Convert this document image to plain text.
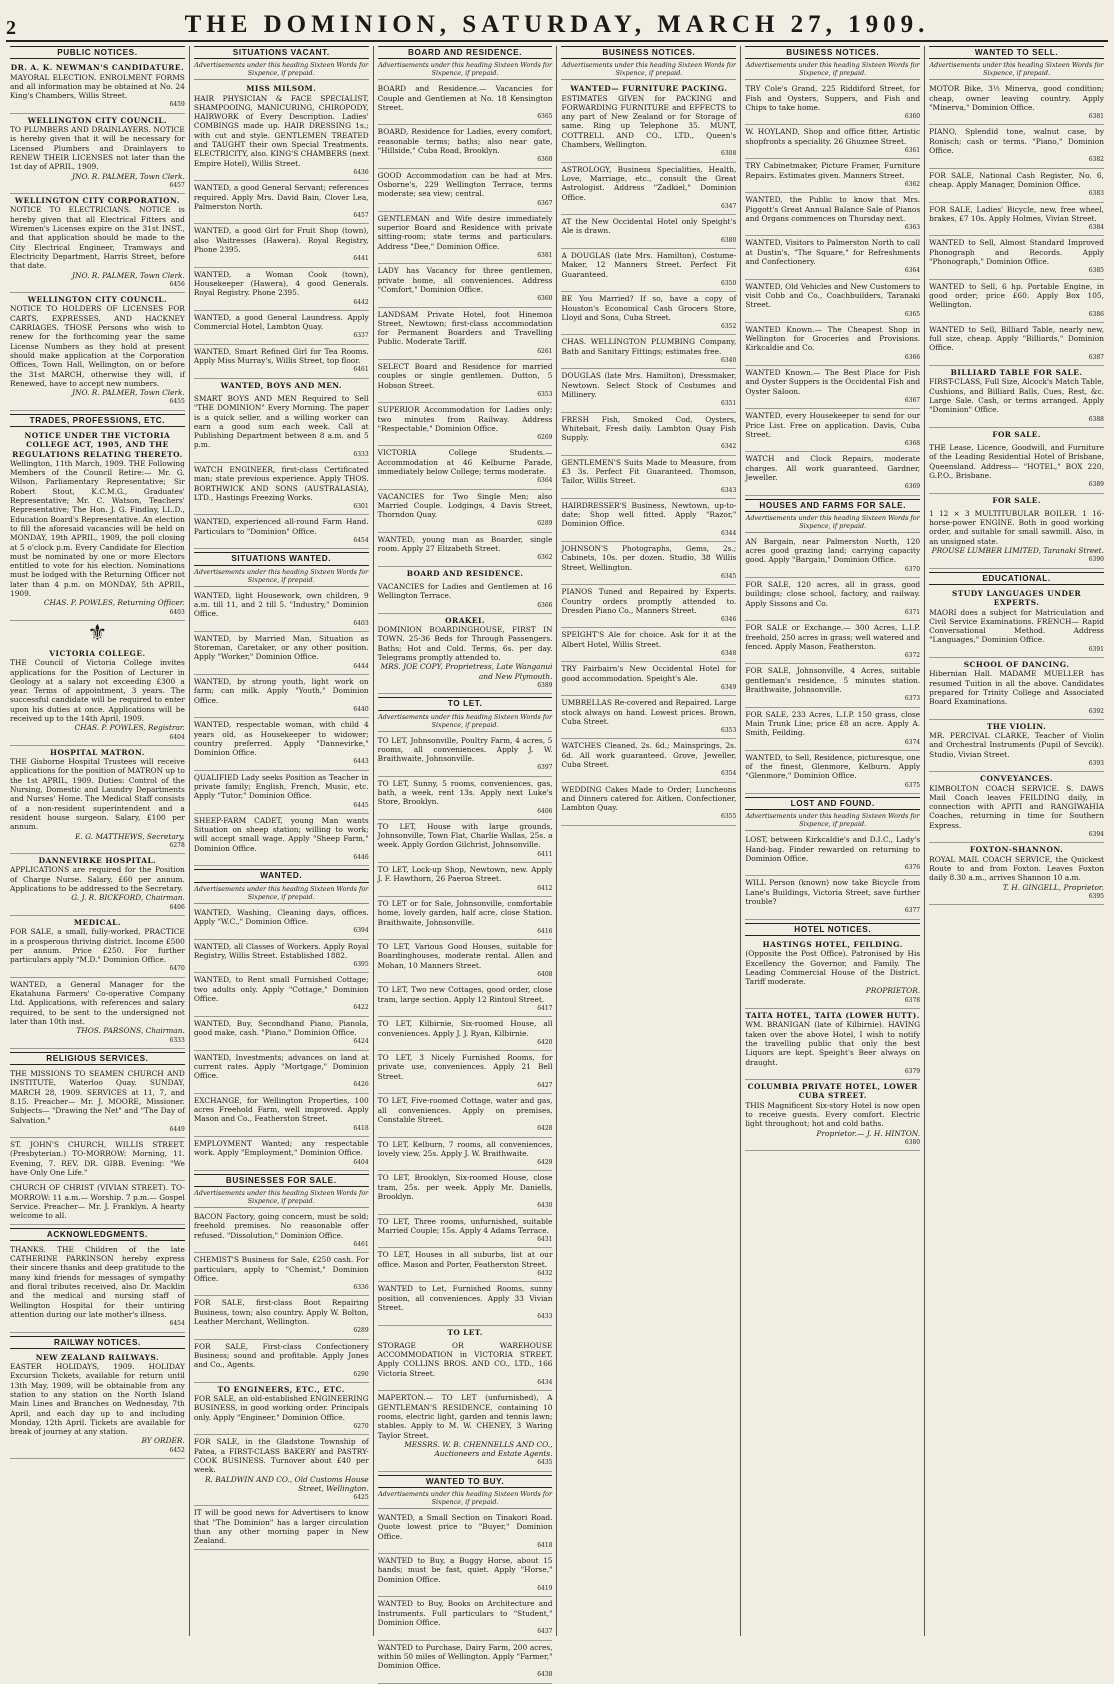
2	THE DOMINION, SATURDAY, MARCH 27, 1909.
PUBLIC NOTICES.

DR. A. K. NEWMAN'S CANDIDATURE.
MAYORAL ELECTION. ENROLMENT FORMS and all information may be obtained at No. 24 King's Chambers, Willis Street.
6459

WELLINGTON CITY COUNCIL.
TO PLUMBERS AND DRAINLAYERS. NOTICE is hereby given that it will be necessary for Licensed Plumbers and Drainlayers to RENEW THEIR LICENSES not later than the 1st day of APRIL, 1909.
JNO. R. PALMER, Town Clerk.
6457

WELLINGTON CITY CORPORATION.
NOTICE TO ELECTRICIANS. NOTICE is hereby given that all Electrical Fitters and Wiremen's Licenses expire on the 31st INST., and that application should be made to the City Electrical Engineer, Tramways and Electricity Department, Harris Street, before that date.
JNO. R. PALMER, Town Clerk.
6456

WELLINGTON CITY COUNCIL.
NOTICE TO HOLDERS OF LICENSES FOR CARTS, EXPRESSES, AND HACKNEY CARRIAGES. THOSE Persons who wish to renew for the forthcoming year the same License Numbers as they hold at present should make application at the Corporation Offices, Town Hall, Wellington, on or before the 31st MARCH, otherwise they will, if Renewed, have to accept new numbers.
JNO. R. PALMER, Town Clerk.
6455

TRADES, PROFESSIONS, ETC.

NOTICE UNDER THE VICTORIA COLLEGE ACT, 1905, AND THE REGULATIONS RELATING THERETO.
Wellington, 11th March, 1909. THE Following Members of the Council Retire:— Mr. G. Wilson, Parliamentary Representative; Sir Robert Stout, K.C.M.G., Graduates' Representative; Mr. C. Watson, Teachers' Representative; The Hon. J. G. Findlay, LL.D., Education Board's Representative. An election to fill the aforesaid vacancies will be held on MONDAY, 19th APRIL, 1909, the poll closing at 5 o'clock p.m. Every Candidate for Election must be nominated by one or more Electors entitled to vote for his election. Nominations must be lodged with the Returning Officer not later than 4 p.m. on MONDAY, 5th APRIL, 1909.
CHAS. P. POWLES, Returning Officer.
6403

⚜

VICTORIA COLLEGE.
THE Council of Victoria College invites applications for the Position of Lecturer in Geology at a salary not exceeding £300 a year. Terms of appointment, 3 years. The successful candidate will be required to enter upon his duties at once. Applications will be received up to the 14th April, 1909.
CHAS. P. POWLES, Registrar.
6404

HOSPITAL MATRON.
THE Gisborne Hospital Trustees will receive applications for the position of MATRON up to the 1st APRIL, 1909. Duties: Control of the Nursing, Domestic and Laundry Departments and Nurses' Home. The Medical Staff consists of a non-resident superintendent and a resident house surgeon. Salary, £100 per annum.
E. G. MATTHEWS, Secretary.
6278

DANNEVIRKE HOSPITAL.
APPLICATIONS are required for the Position of Charge Nurse. Salary, £60 per annum. Applications to be addressed to the Secretary.
G. J. R. BICKFORD, Chairman.
6406

MEDICAL.
FOR SALE, a small, fully-worked, PRACTICE in a prosperous thriving district. Income £500 per annum. Price £250. For further particulars apply "M.D." Dominion Office.
6470

WANTED, a General Manager for the Ekatahuna Farmers' Co-operative Company Ltd. Applications, with references and salary required, to be sent to the undersigned not later than 10th inst.
THOS. PARSONS, Chairman.
6333

RELIGIOUS SERVICES.

THE MISSIONS TO SEAMEN CHURCH AND INSTITUTE, Waterloo Quay. SUNDAY, MARCH 28, 1909. SERVICES at 11, 7, and 8.15. Preacher— Mr. J. MOORE, Missioner. Subjects— "Drawing the Net" and "The Day of Salvation."
6449

ST. JOHN'S CHURCH, WILLIS STREET. (Presbyterian.) TO-MORROW: Morning, 11. Evening, 7. REV. DR. GIBB. Evening: "We have Only One Life."

CHURCH OF CHRIST (VIVIAN STREET). TO-MORROW: 11 a.m.— Worship. 7 p.m.— Gospel Service. Preacher— Mr. J. Franklyn. A hearty welcome to all.

ACKNOWLEDGMENTS.

THANKS. THE Children of the late CATHERINE PARKINSON hereby express their sincere thanks and deep gratitude to the many kind friends for messages of sympathy and floral tributes received, also Dr. Macklin and the medical and nursing staff of Wellington Hospital for their untiring attention during our late mother's illness.
6454

RAILWAY NOTICES.

NEW ZEALAND RAILWAYS.
EASTER HOLIDAYS, 1909. HOLIDAY Excursion Tickets, available for return until 13th May, 1909, will be obtainable from any station to any station on the North Island Main Lines and Branches on Wednesday, 7th April, and each day up to and including Monday, 12th April. Tickets are available for break of journey at any station.
BY ORDER.
6452

SITUATIONS VACANT.
Advertisements under this heading Sixteen Words for Sixpence, if prepaid.

MISS MILSOM.
HAIR PHYSICIAN & FACE SPECIALIST, SHAMPOOING, MANICURING, CHIROPODY, HAIRWORK of Every Description. Ladies' COMBINGS made up. HAIR DRESSING 1s.; with cut and style. GENTLEMEN TREATED and TAUGHT their own Special Treatments. ELECTRICITY, also. KING'S CHAMBERS (next Empire Hotel), Willis Street.
6436

WANTED, a good General Servant; references required. Apply Mrs. David Bain, Clover Lea, Palmerston North.
6457

WANTED, a good Girl for Fruit Shop (town), also Waitresses (Hawera). Royal Registry, Phone 2395.
6441

WANTED, a Woman Cook (town), Housekeeper (Hawera), 4 good Generals. Royal Registry. Phone 2395.
6442

WANTED, a good General Laundress. Apply Commercial Hotel, Lambton Quay.
6337

WANTED, Smart Refined Girl for Tea Rooms. Apply Miss Murray's, Willis Street, top floor.
6461

WANTED, BOYS AND MEN.

SMART BOYS AND MEN Required to Sell "THE DOMINION" Every Morning. The paper is a quick seller, and a willing worker can earn a good sum each week. Call at Publishing Department between 8 a.m. and 5 p.m.
6333

WATCH ENGINEER, first-class Certificated man; state previous experience. Apply THOS. BORTHWICK AND SONS (AUSTRALASIA), LTD., Hastings Freezing Works.
6301

WANTED, experienced all-round Farm Hand. Particulars to "Dominion" Office.
6454

SITUATIONS WANTED.
Advertisements under this heading Sixteen Words for Sixpence, if prepaid.

WANTED, light Housework, own children, 9 a.m. till 11, and 2 till 5. "Industry," Dominion Office.
6403

WANTED, by Married Man, Situation as Storeman, Caretaker, or any other position. Apply "Worker," Dominion Office.
6444

WANTED, by strong youth, light work on farm; can milk. Apply "Youth," Dominion Office.
6440

WANTED, respectable woman, with child 4 years old, as Housekeeper to widower; country preferred. Apply "Dannevirke," Dominion Office.
6443

QUALIFIED Lady seeks Position as Teacher in private family; English, French, Music, etc. Apply "Tutor," Dominion Office.
6445

SHEEP-FARM CADET, young Man wants Situation on sheep station; willing to work; will accept small wage. Apply "Sheep Farm," Dominion Office.
6446

WANTED.
Advertisements under this heading Sixteen Words for Sixpence, if prepaid.

WANTED, Washing, Cleaning days, offices. Apply "W.C.," Dominion Office.
6394

WANTED, all Classes of Workers. Apply Royal Registry, Willis Street. Established 1882.
6395

WANTED, to Rent small Furnished Cottage; two adults only. Apply "Cottage," Dominion Office.
6422

WANTED, Buy, Secondhand Piano, Pianola, good make, cash. "Piano," Dominion Office.
6424

WANTED, Investments; advances on land at current rates. Apply "Mortgage," Dominion Office.
6426

EXCHANGE, for Wellington Properties, 100 acres Freehold Farm, well improved. Apply Mason and Co., Featherston Street.
6418

EMPLOYMENT Wanted; any respectable work. Apply "Employment," Dominion Office.
6404

BUSINESSES FOR SALE.
Advertisements under this heading Sixteen Words for Sixpence, if prepaid.

BACON Factory, going concern, must be sold; freehold premises. No reasonable offer refused. "Dissolution," Dominion Office.
6461

CHEMIST'S Business for Sale, £250 cash. For particulars, apply to "Chemist," Dominion Office.
6336

FOR SALE, first-class Boot Repairing Business, town; also country. Apply W. Bolton, Leather Merchant, Wellington.
6289

FOR SALE, First-class Confectionery Business; sound and profitable. Apply Jones and Co., Agents.
6290

TO ENGINEERS, ETC., ETC.
FOR SALE, an old-established ENGINEERING BUSINESS, in good working order. Principals only. Apply "Engineer," Dominion Office.
6270

FOR SALE, in the Gladstone Township of Patea, a FIRST-CLASS BAKERY and PASTRY-COOK BUSINESS. Turnover about £40 per week.
R. BALDWIN AND CO., Old Customs House Street, Wellington.
6425

IT will be good news for Advertisers to know that "The Dominion" has a larger circulation than any other morning paper in New Zealand.

BOARD AND RESIDENCE.
Advertisements under this heading Sixteen Words for Sixpence, if prepaid.

BOARD and Residence.— Vacancies for Couple and Gentlemen at No. 18 Kensington Street.
6365

BOARD, Residence for Ladies, every comfort, reasonable terms; baths; also near gate, "Hillside," Cuba Road, Brooklyn.
6360

GOOD Accommodation can be had at Mrs. Osborne's, 229 Wellington Terrace, terms moderate; sea view; central.
6367

GENTLEMAN and Wife desire immediately superior Board and Residence with private sitting-room; state terms and particulars. Address "Dee," Dominion Office.
6381

LADY has Vacancy for three gentlemen, private home, all conveniences. Address "Comfort," Dominion Office.
6360

LANDSAM Private Hotel, foot Hinemoa Street, Newtown; first-class accommodation for Permanent Boarders and Travelling Public. Moderate Tariff.
6261

SELECT Board and Residence for married couples or single gentlemen. Dutton, 5 Hobson Street.
6353

SUPERIOR Accommodation for Ladies only; two minutes from Railway. Address "Respectable," Dominion Office.
6269

VICTORIA College Students.— Accommodation at 46 Kelburne Parade, immediately below College; terms moderate.
6364

VACANCIES for Two Single Men; also Married Couple. Lodgings, 4 Davis Street, Thorndon Quay.
6289

WANTED, young man as Boarder, single room. Apply 27 Elizabeth Street.
6362

BOARD AND RESIDENCE.

VACANCIES for Ladies and Gentlemen at 16 Wellington Terrace.
6366

ORAKEI.
DOMINION BOARDINGHOUSE, FIRST IN TOWN. 25-36 Beds for Through Passengers. Baths; Hot and Cold. Terms, 6s. per day. Telegrams promptly attended to.
MRS. JOE COPY, Proprietress, Late Wanganui and New Plymouth.
6389

TO LET.
Advertisements under this heading Sixteen Words for Sixpence, if prepaid.

TO LET, Johnsonville, Poultry Farm, 4 acres, 5 rooms, all conveniences. Apply J. W. Braithwaite, Johnsonville.
6397

TO LET, Sunny, 5 rooms, conveniences, gas, bath, a week, rent 13s. Apply next Luke's Store, Brooklyn.
6406

TO LET, House with large grounds, Johnsonville, Town Flat, Charlie Wallas, 25s. a week. Apply Gordon Gilchrist, Johnsonville.
6411

TO LET, Lock-up Shop, Newtown, new. Apply J. F. Hawthorn, 26 Paeroa Street.
6412

TO LET or for Sale, Johnsonville, comfortable home, lovely garden, half acre, close Station. Braithwaite, Johnsonville.
6416

TO LET, Various Good Houses, suitable for Boardinghouses, moderate rental. Allen and Mohan, 10 Manners Street.
6408

TO LET, Two new Cottages, good order, close tram, large section. Apply 12 Rintoul Street.
6417

TO LET, Kilbirnie, Six-roomed House, all conveniences. Apply J. J. Ryan, Kilbirnie.
6420

TO LET, 3 Nicely Furnished Rooms, for private use, conveniences. Apply 21 Bell Street.
6427

TO LET, Five-roomed Cottage, water and gas, all conveniences. Apply on premises, Constable Street.
6428

TO LET, Kelburn, 7 rooms, all conveniences, lovely view, 25s. Apply J. W. Braithwaite.
6429

TO LET, Brooklyn, Six-roomed House, close tram, 25s. per week. Apply Mr. Daniells, Brooklyn.
6430

TO LET, Three rooms, unfurnished, suitable Married Couple; 15s. Apply 4 Adams Terrace.
6431

TO LET, Houses in all suburbs, list at our office. Mason and Porter, Featherston Street.
6432

WANTED to Let, Furnished Rooms, sunny position, all conveniences. Apply 33 Vivian Street.
6433

TO LET.

STORAGE OR WAREHOUSE ACCOMMODATION in VICTORIA STREET. Apply COLLINS BROS. AND CO., LTD., 166 Victoria Street.
6434

MAPERTON.— TO LET (unfurnished), A GENTLEMAN'S RESIDENCE, containing 10 rooms, electric light, garden and tennis lawn; stables. Apply to M. W. CHENEY, 3 Waring Taylor Street.
MESSRS. W. B. CHENNELLS AND CO., Auctioneers and Estate Agents.
6435

WANTED TO BUY.
Advertisements under this heading Sixteen Words for Sixpence, if prepaid.

WANTED, a Small Section on Tinakori Road. Quote lowest price to "Buyer," Dominion Office.
6418

WANTED to Buy, a Buggy Horse, about 15 hands; must be fast, quiet. Apply "Horse," Dominion Office.
6419

WANTED to Buy, Books on Architecture and Instruments. Full particulars to "Student," Dominion Office.
6437

WANTED to Purchase, Dairy Farm, 200 acres, within 50 miles of Wellington. Apply "Farmer," Dominion Office.
6438

BUSINESS NOTICES.
Advertisements under this heading Sixteen Words for Sixpence, if prepaid.

WANTED— FURNITURE PACKING.
ESTIMATES GIVEN for PACKING and FORWARDING FURNITURE and EFFECTS to any part of New Zealand or for Storage of same. Ring up Telephone 35. MUNT, COTTRELL AND CO., LTD., Queen's Chambers, Wellington.
6308

ASTROLOGY, Business Specialities, Health, Love, Marriage, etc., consult the Great Astrologist. Address "Zadkiel," Dominion Office.
6347

AT the New Occidental Hotel only Speight's Ale is drawn.
6380

A DOUGLAS (late Mrs. Hamilton), Costume-Maker, 12 Manners Street. Perfect Fit Guaranteed.
6350

BE You Married? If so, have a copy of Houston's Economical Cash Grocers Store, Lloyd and Sons, Cuba Street.
6352

CHAS. WELLINGTON PLUMBING Company, Bath and Sanitary Fittings; estimates free.
6340

DOUGLAS (late Mrs. Hamilton), Dressmaker, Newtown. Select Stock of Costumes and Millinery.
6351

FRESH Fish, Smoked Cod, Oysters, Whitebait, Fresh daily. Lambton Quay Fish Supply.
6342

GENTLEMEN'S Suits Made to Measure, from £3 3s. Perfect Fit Guaranteed. Thomson, Tailor, Willis Street.
6343

HAIRDRESSER'S Business, Newtown, up-to-date; Shop well fitted. Apply "Razor," Dominion Office.
6344

JOHNSON'S Photographs, Gems, 2s.; Cabinets, 10s. per dozen. Studio, 38 Willis Street, Wellington.
6345

PIANOS Tuned and Repaired by Experts. Country orders promptly attended to. Dresden Piano Co., Manners Street.
6346

SPEIGHT'S Ale for choice. Ask for it at the Albert Hotel, Willis Street.
6348

TRY Fairbairn's New Occidental Hotel for good accommodation. Speight's Ale.
6349

UMBRELLAS Re-covered and Repaired. Large stock always on hand. Lowest prices. Brown, Cuba Street.
6353

WATCHES Cleaned, 2s. 6d.; Mainsprings, 2s. 6d. All work guaranteed. Grove, Jeweller, Cuba Street.
6354

WEDDING Cakes Made to Order; Luncheons and Dinners catered for. Aitken, Confectioner, Lambton Quay.
6355

BUSINESS NOTICES.
Advertisements under this heading Sixteen Words for Sixpence, if prepaid.

TRY Cole's Grand, 225 Riddiford Street, for Fish and Oysters, Suppers, and Fish and Chips to take home.
6360

W. HOYLAND, Shop and office fitter, Artistic shopfronts a speciality. 26 Ghuznee Street.
6361

TRY Cabinetmaker, Picture Framer, Furniture Repairs. Estimates given. Manners Street.
6362

WANTED, the Public to know that Mrs. Piggott's Great Annual Balance Sale of Pianos and Organs commences on Thursday next.
6363

WANTED, Visitors to Palmerston North to call at Dustin's, "The Square," for Refreshments and Confectionery.
6364

WANTED, Old Vehicles and New Customers to visit Cobb and Co., Coachbuilders, Taranaki Street.
6365

WANTED Known.— The Cheapest Shop in Wellington for Groceries and Provisions. Kirkcaldie and Co.
6366

WANTED Known.— The Best Place for Fish and Oyster Suppers is the Occidental Fish and Oyster Saloon.
6367

WANTED, every Housekeeper to send for our Price List. Free on application. Davis, Cuba Street.
6368

WATCH and Clock Repairs, moderate charges. All work guaranteed. Gardner, Jeweller.
6369

HOUSES AND FARMS FOR SALE.
Advertisements under this heading Sixteen Words for Sixpence, if prepaid.

AN Bargain, near Palmerston North, 120 acres good grazing land; carrying capacity good. Apply "Bargain," Dominion Office.
6370

FOR SALE, 120 acres, all in grass, good buildings; close school, factory, and railway. Apply Sissons and Co.
6371

FOR SALE or Exchange.— 300 Acres, L.I.P. freehold, 250 acres in grass; well watered and fenced. Apply Mason, Featherston.
6372

FOR SALE, Johnsonville, 4 Acres, suitable gentleman's residence, 5 minutes station. Braithwaite, Johnsonville.
6373

FOR SALE, 233 Acres, L.I.P. 150 grass, close Main Trunk Line; price £8 an acre. Apply A. Smith, Feilding.
6374

WANTED, to Sell, Residence, picturesque, one of the finest, Glenmore, Kelburn. Apply "Glenmore," Dominion Office.
6375

LOST AND FOUND.
Advertisements under this heading Sixteen Words for Sixpence, if prepaid.

LOST, between Kirkcaldie's and D.I.C., Lady's Hand-bag. Finder rewarded on returning to Dominion Office.
6376

WILL Person (known) now take Bicycle from Lane's Buildings, Victoria Street, save further trouble?
6377

HOTEL NOTICES.

HASTINGS HOTEL, FEILDING.
(Opposite the Post Office). Patronised by His Excellency the Governor, and Family. The Leading Commercial House of the District. Tariff moderate.
PROPRIETOR.
6378

TAITA HOTEL, TAITA (LOWER HUTT).
WM. BRANIGAN (late of Kilbirnie). HAVING taken over the above Hotel, I wish to notify the travelling public that only the best Liquors are kept. Speight's Beer always on draught.
6379

COLUMBIA PRIVATE HOTEL, LOWER CUBA STREET.
THIS Magnificent Six-story Hotel is now open to receive guests. Every comfort. Electric light throughout; hot and cold baths.
Proprietor.— J. H. HINTON.
6380

WANTED TO SELL.
Advertisements under this heading Sixteen Words for Sixpence, if prepaid.

MOTOR Bike, 3½ Minerva, good condition; cheap, owner leaving country. Apply "Minerva," Dominion Office.
6381

PIANO, Splendid tone, walnut case, by Ronisch; cash or terms. "Piano," Dominion Office.
6382

FOR SALE, National Cash Register, No. 6, cheap. Apply Manager, Dominion Office.
6383

FOR SALE, Ladies' Bicycle, new, free wheel, brakes, £7 10s. Apply Holmes, Vivian Street.
6384

WANTED to Sell, Almost Standard Improved Phonograph and Records. Apply "Phonograph," Dominion Office.
6385

WANTED to Sell, 6 hp. Portable Engine, in good order; price £60. Apply Box 105, Wellington.
6386

WANTED to Sell, Billiard Table, nearly new, full size, cheap. Apply "Billiards," Dominion Office.
6387

BILLIARD TABLE FOR SALE.
FIRST-CLASS, Full Size, Alcock's Match Table, Cushions, and Billiard Balls, Cues, Rest, &c. Large Sale. Cash, or terms arranged. Apply "Dominion" Office.
6388

FOR SALE.

THE Lease, Licence, Goodwill, and Furniture of the Leading Residential Hotel of Brisbane, Queensland. Address— "HOTEL," BOX 220, G.P.O., Brisbane.
6389

FOR SALE.

1 12 × 3 MULTITUBULAR BOILER. 1 16-horse-power ENGINE. Both in good working order, and suitable for small sawmill. Also, in an unsigned state.
PROUSE LUMBER LIMITED, Taranaki Street.
6390

EDUCATIONAL.

STUDY LANGUAGES UNDER EXPERTS.
MAORI does a subject for Matriculation and Civil Service Examinations. FRENCH— Rapid Conversational Method. Address "Languages," Dominion Office.
6391

SCHOOL OF DANCING.
Hibernian Hall. MADAME MUELLER has resumed Tuition in all the above. Candidates prepared for Trinity College and Associated Board Examinations.
6392

THE VIOLIN.
MR. PERCIVAL CLARKE, Teacher of Violin and Orchestral Instruments (Pupil of Sevcik). Studio, Vivian Street.
6393

CONVEYANCES.
KIMBOLTON COACH SERVICE. S. DAWS Mail Coach leaves FEILDING daily, in connection with APITI and RANGIWAHIA Coaches, returning in time for Southern Express.
6394

FOXTON-SHANNON.
ROYAL MAIL COACH SERVICE, the Quickest Route to and from Foxton. Leaves Foxton daily 8.30 a.m., arrives Shannon 10 a.m.
T. H. GINGELL, Proprietor.
6395
